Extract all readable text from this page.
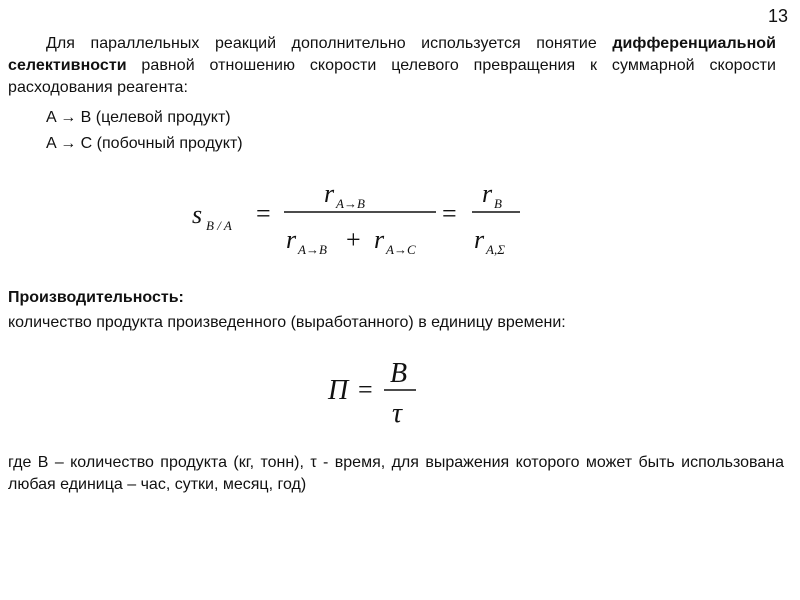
13

Для параллельных реакций дополнительно используется понятие дифференциальной селективности равной отношению скорости целевого превращения к суммарной скорости расходования реагента:

A → B (целевой продукт)
A → C (побочный продукт)
s B / A =
r A→B
r A→B + r A→C
=
r B
r A,Σ
Производительность:
количество продукта произведенного (выработанного) в единицу времени:
П =
B
τ
где В – количество продукта (кг, тонн), τ - время, для выражения которого может быть использована любая единица – час, сутки, месяц, год)
